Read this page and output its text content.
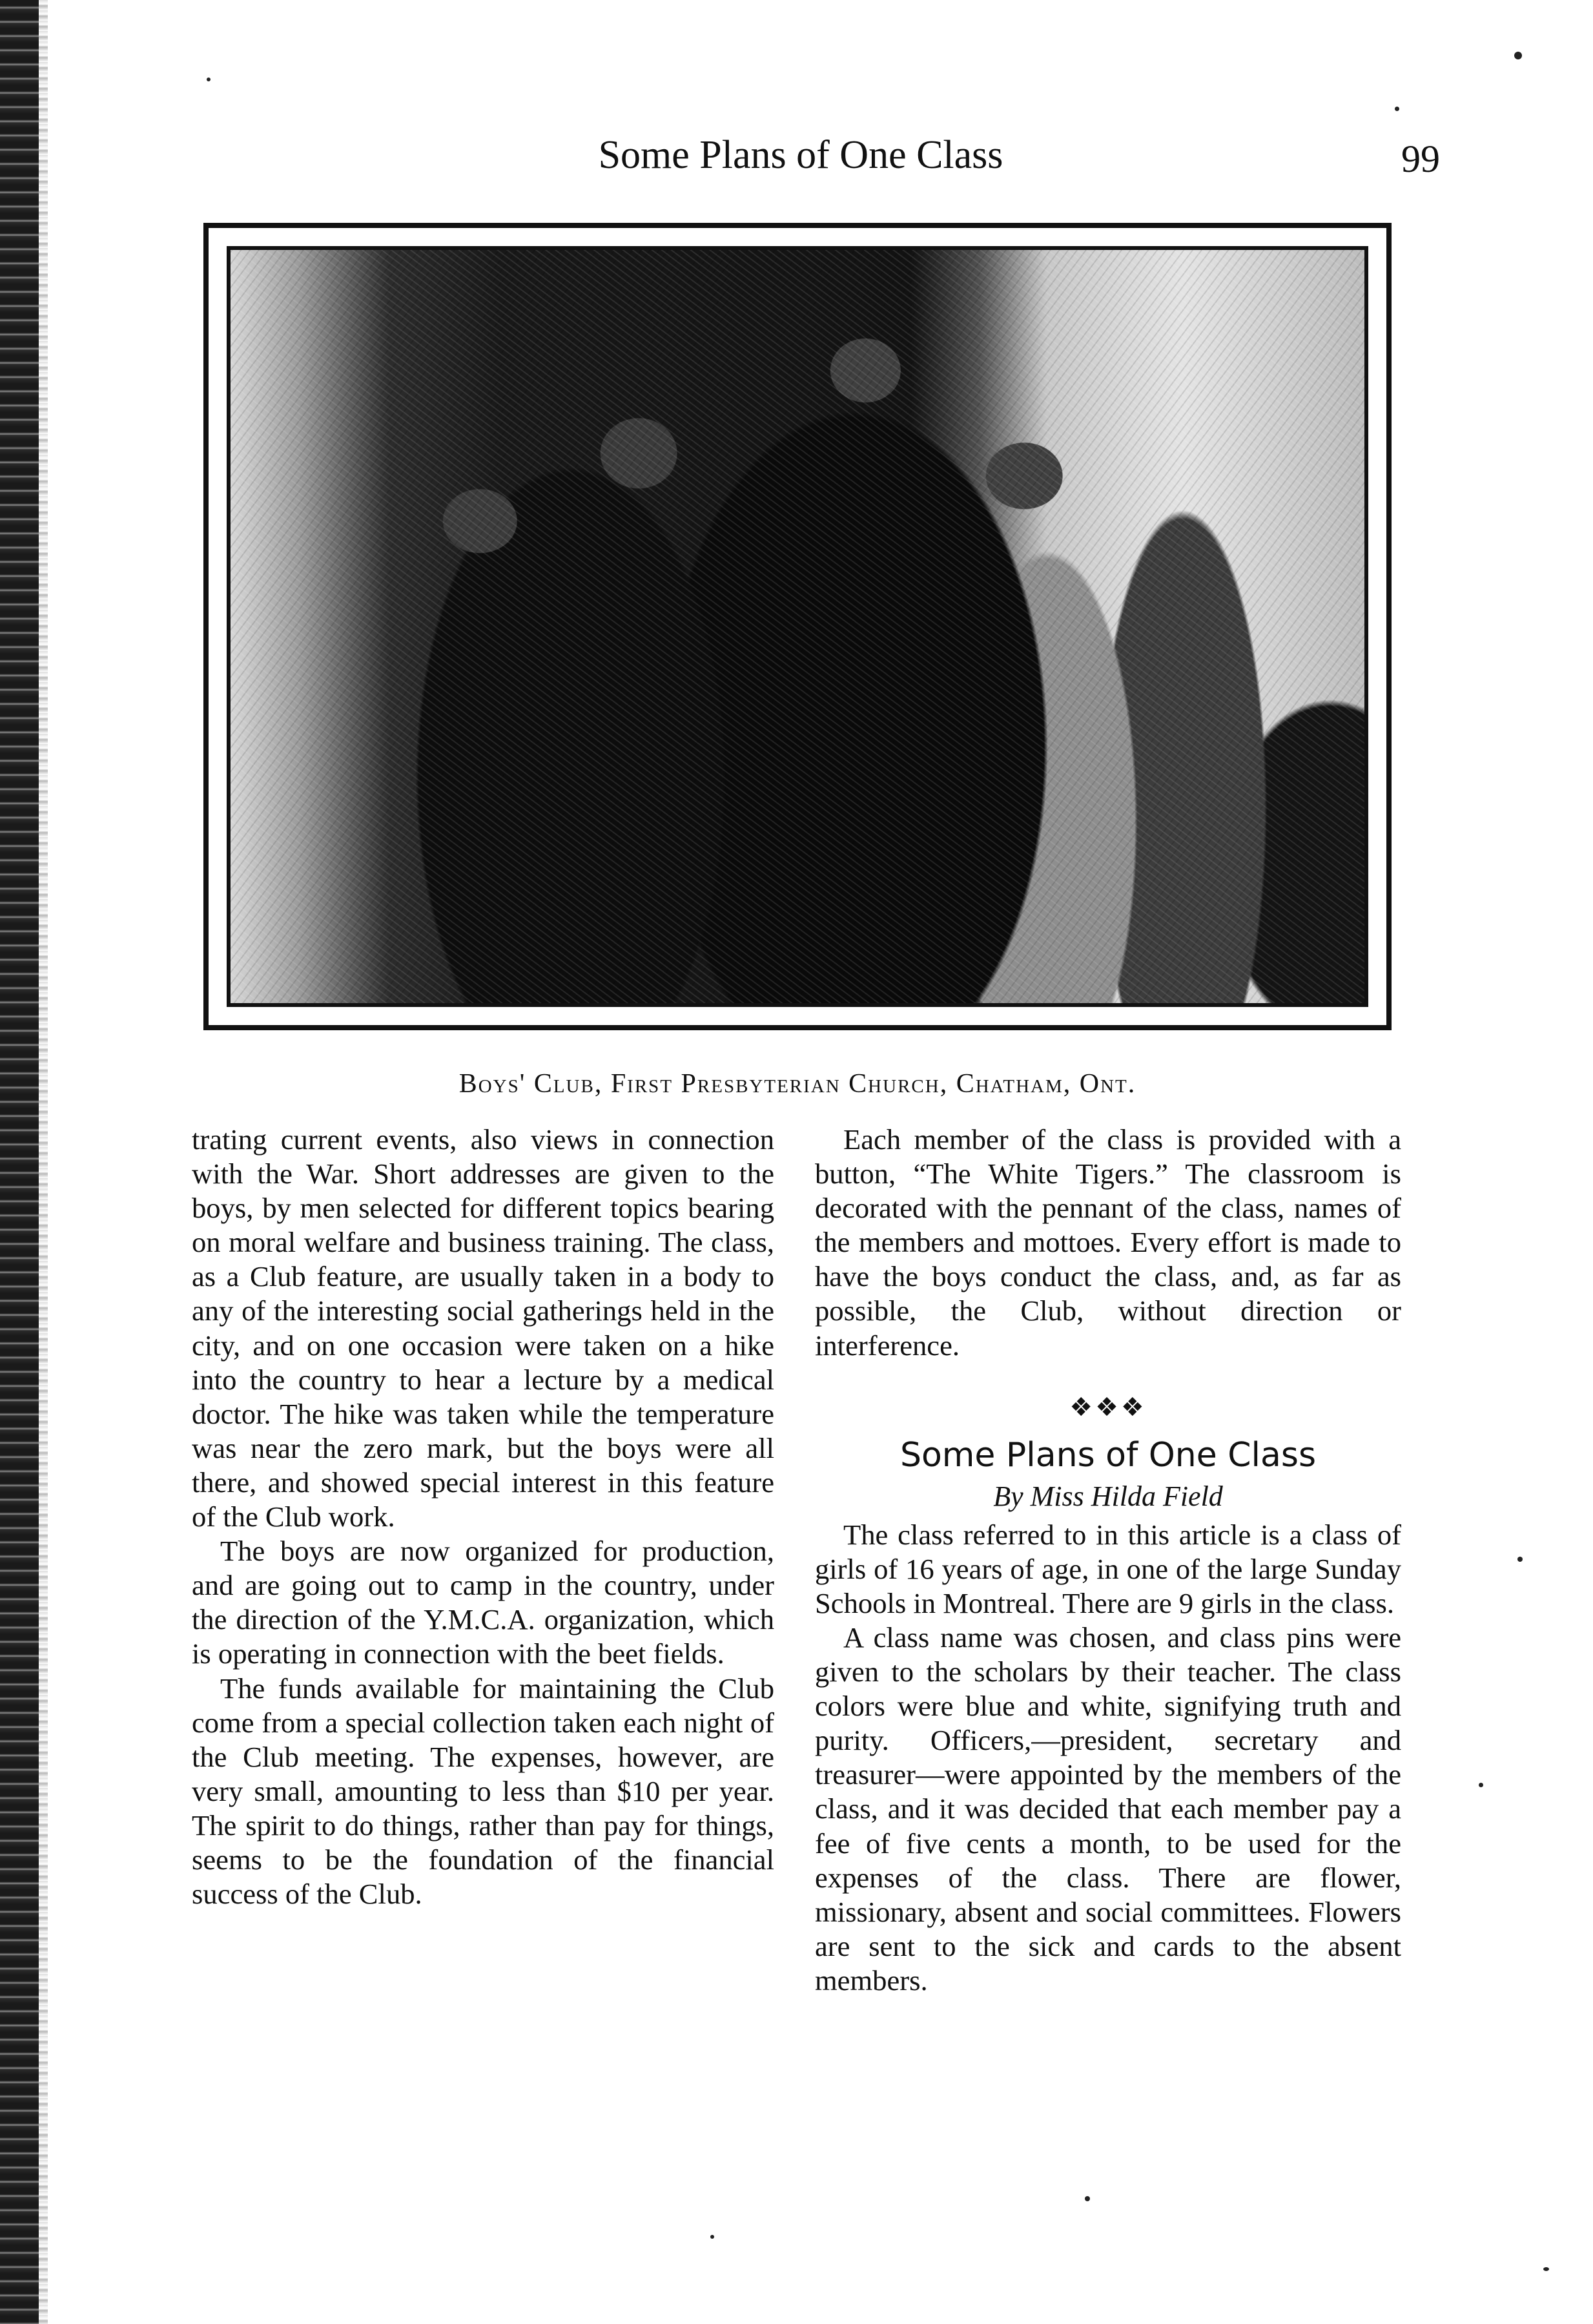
Some Plans of One Class	99
Boys' Club, First Presbyterian Church, Chatham, Ont.

trating current events, also views in connection with the War. Short addresses are given to the boys, by men selected for different topics bearing on moral welfare and business training. The class, as a Club feature, are usually taken in a body to any of the interesting social gatherings held in the city, and on one occasion were taken on a hike into the country to hear a lecture by a medical doctor. The hike was taken while the temperature was near the zero mark, but the boys were all there, and showed special interest in this feature of the Club work.

The boys are now organized for production, and are going out to camp in the country, under the direction of the Y.M.C.A. organization, which is operating in connection with the beet fields.

The funds available for maintaining the Club come from a special collection taken each night of the Club meeting. The expenses, however, are very small, amounting to less than $10 per year. The spirit to do things, rather than pay for things, seems to be the foundation of the financial success of the Club.

Each member of the class is provided with a button, “The White Tigers.” The classroom is decorated with the pennant of the class, names of the members and mottoes. Every effort is made to have the boys conduct the class, and, as far as possible, the Club, without direction or interference.

❖❖❖
Some Plans of One Class
By Miss Hilda Field

The class referred to in this article is a class of girls of 16 years of age, in one of the large Sunday Schools in Montreal. There are 9 girls in the class.

A class name was chosen, and class pins were given to the scholars by their teacher. The class colors were blue and white, signifying truth and purity. Officers,—president, secretary and treasurer—were appointed by the members of the class, and it was decided that each member pay a fee of five cents a month, to be used for the expenses of the class. There are flower, missionary, absent and social committees. Flowers are sent to the sick and cards to the absent members.
